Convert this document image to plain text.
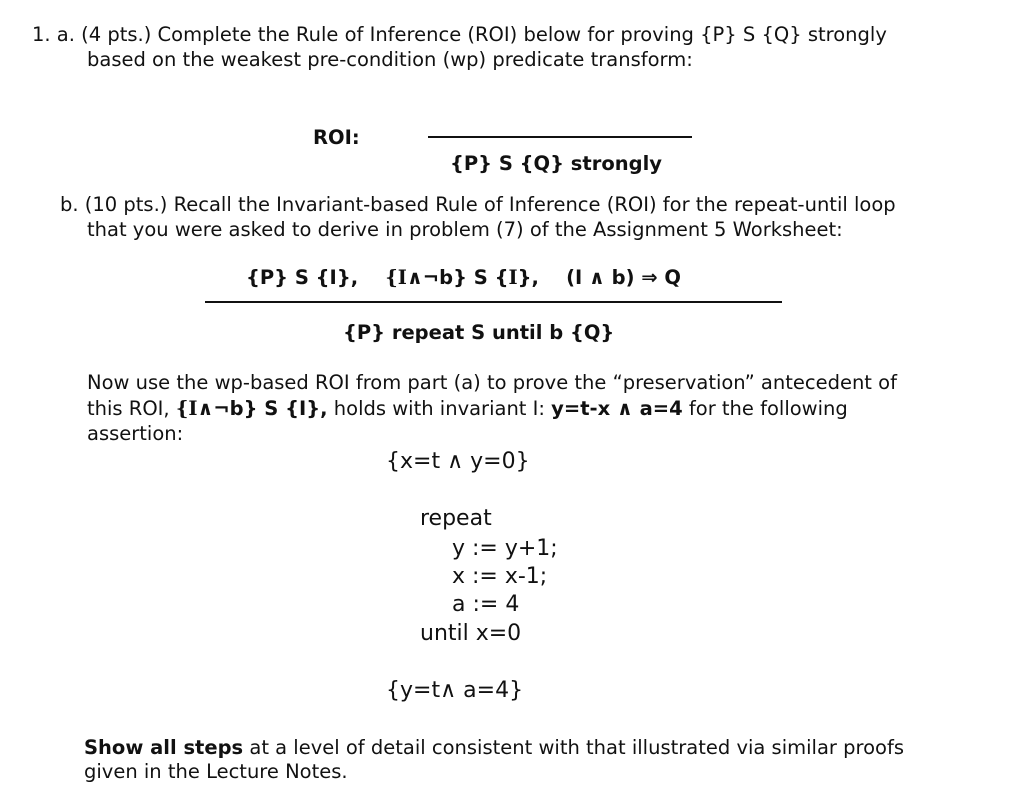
1. a. (4 pts.) Complete the Rule of Inference (ROI) below for proving {P} S {Q} strongly
based on the weakest pre-condition (wp) predicate transform:
ROI:
{P} S {Q} strongly
b. (10 pts.) Recall the Invariant-based Rule of Inference (ROI) for the repeat-until loop
that you were asked to derive in problem (7) of the Assignment 5 Worksheet:
{P} S {I}, {I∧¬b} S {I}, (I ∧ b) ⇒ Q
{P} repeat S until b {Q}
Now use the wp-based ROI from part (a) to prove the “preservation” antecedent of
this ROI, {I∧¬b} S {I}, holds with invariant I: y=t-x ∧ a=4 for the following
assertion:
{x=t ∧ y=0}
repeat
y := y+1;
x := x-1;
a := 4
until x=0
{y=t∧ a=4}
Show all steps at a level of detail consistent with that illustrated via similar proofs
given in the Lecture Notes.
